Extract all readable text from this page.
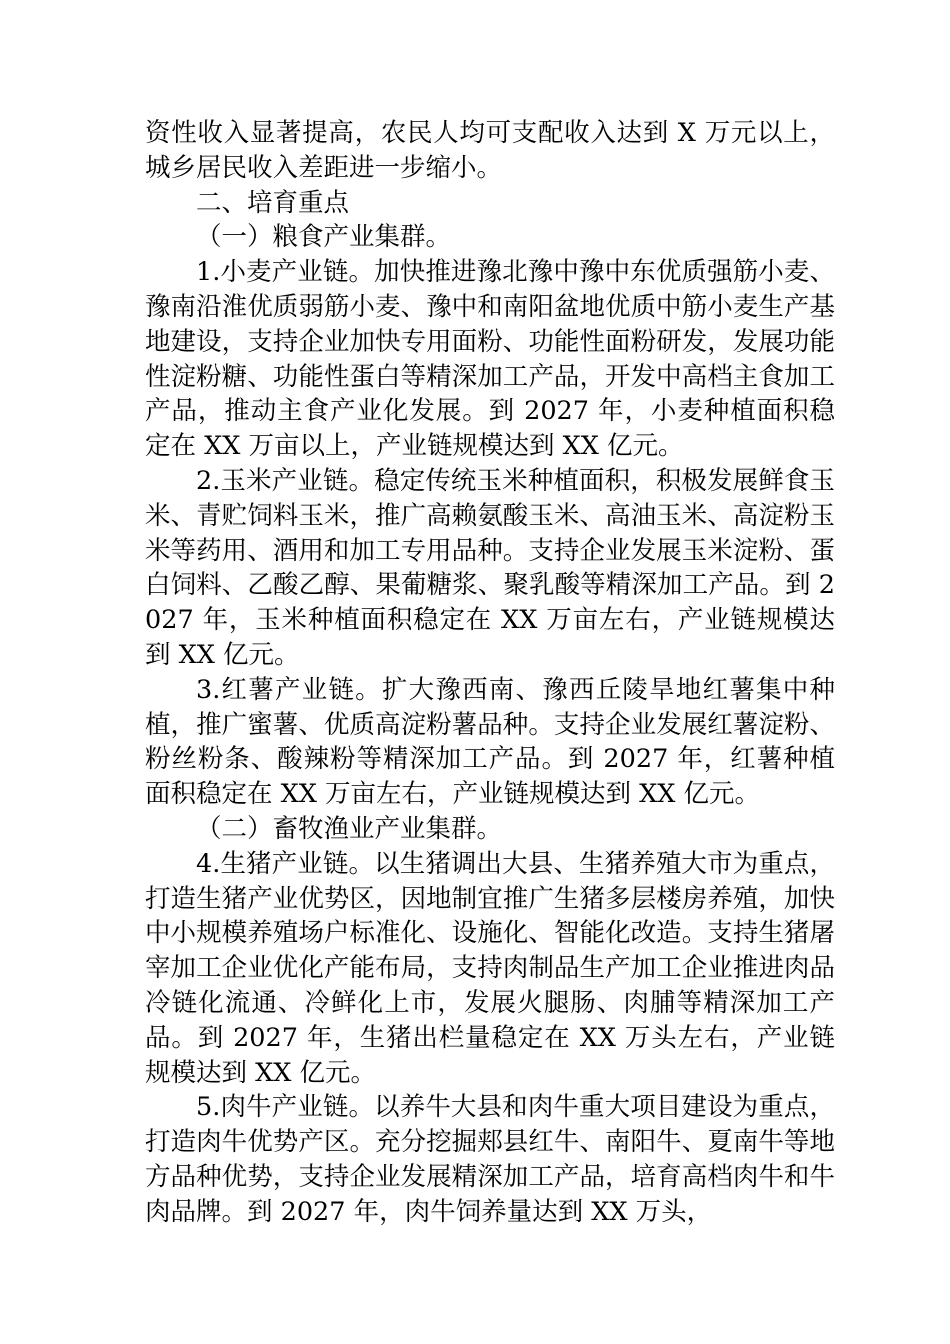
资性收入显著提高，农民人均可支配收入达到 X 万元以上，城乡居民收入差距进一步缩小。

二、培育重点

（一）粮食产业集群。

1.小麦产业链。加快推进豫北豫中豫中东优质强筋小麦、豫南沿淮优质弱筋小麦、豫中和南阳盆地优质中筋小麦生产基地建设，支持企业加快专用面粉、功能性面粉研发，发展功能性淀粉糖、功能性蛋白等精深加工产品，开发中高档主食加工产品，推动主食产业化发展。到 2027 年，小麦种植面积稳定在 XX 万亩以上，产业链规模达到 XX 亿元。

2.玉米产业链。稳定传统玉米种植面积，积极发展鲜食玉米、青贮饲料玉米，推广高赖氨酸玉米、高油玉米、高淀粉玉米等药用、酒用和加工专用品种。支持企业发展玉米淀粉、蛋白饲料、乙酸乙醇、果葡糖浆、聚乳酸等精深加工产品。到 2027 年，玉米种植面积稳定在 XX 万亩左右，产业链规模达到 XX 亿元。

3.红薯产业链。扩大豫西南、豫西丘陵旱地红薯集中种植，推广蜜薯、优质高淀粉薯品种。支持企业发展红薯淀粉、粉丝粉条、酸辣粉等精深加工产品。到 2027 年，红薯种植面积稳定在 XX 万亩左右，产业链规模达到 XX 亿元。

（二）畜牧渔业产业集群。

4.生猪产业链。以生猪调出大县、生猪养殖大市为重点，打造生猪产业优势区，因地制宜推广生猪多层楼房养殖，加快中小规模养殖场户标准化、设施化、智能化改造。支持生猪屠宰加工企业优化产能布局，支持肉制品生产加工企业推进肉品冷链化流通、冷鲜化上市，发展火腿肠、肉脯等精深加工产品。到 2027 年，生猪出栏量稳定在 XX 万头左右，产业链规模达到 XX 亿元。

5.肉牛产业链。以养牛大县和肉牛重大项目建设为重点，打造肉牛优势产区。充分挖掘郏县红牛、南阳牛、夏南牛等地方品种优势，支持企业发展精深加工产品，培育高档肉牛和牛肉品牌。到 2027 年，肉牛饲养量达到 XX 万头，
